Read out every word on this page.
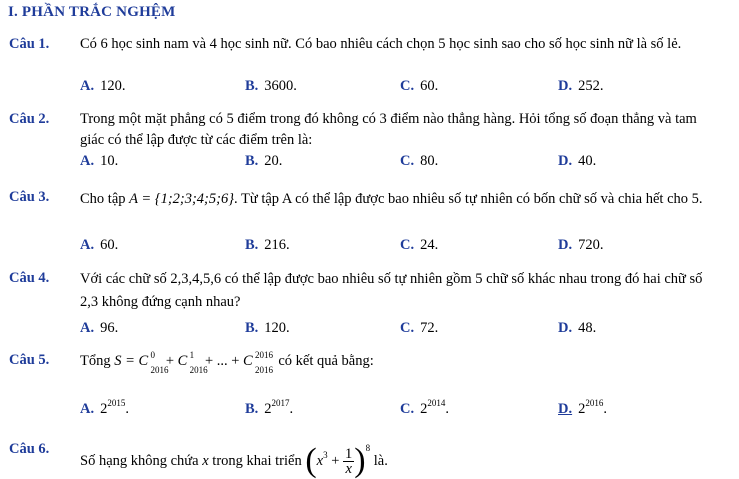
I. PHẦN TRẮC NGHỆM
Câu 1. Có 6 học sinh nam và 4 học sinh nữ. Có bao nhiêu cách chọn 5 học sinh sao cho số học sinh nữ là số lẻ.
A. 120.	B. 3600.	C. 60.	D. 252.
Câu 2. Trong một mặt phẳng có 5 điểm trong đó không có 3 điểm nào thẳng hàng. Hỏi tổng số đoạn thẳng và tam giác có thể lập được từ các điểm trên là:
A. 10.	B. 20.	C. 80.	D. 40.
Câu 3. Cho tập A = {1;2;3;4;5;6}. Từ tập A có thể lập được bao nhiêu số tự nhiên có bốn chữ số và chia hết cho 5.
A. 60.	B. 216.	C. 24.	D. 720.
Câu 4. Với các chữ số 2,3,4,5,6 có thể lập được bao nhiêu số tự nhiên gồm 5 chữ số khác nhau trong đó hai chữ số 2,3 không đứng cạnh nhau?
A. 96.	B. 120.	C. 72.	D. 48.
Câu 5. Tổng S = C 0
2016
+ C 1
2016
+ ... + C 2016
2016
có kết quả bằng:
A. $2^{2015}$.	B. $2^{2017}$.	C. $2^{2014}$.	D. $2^{2016}$.
Câu 6.
Số hạng không chứa x trong khai triển $(x^3 + \frac{1}{x} )^8$ là.
